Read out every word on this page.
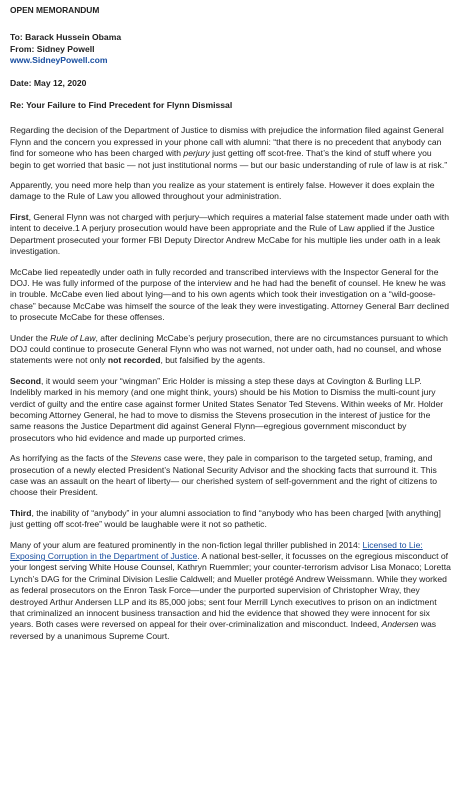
OPEN MEMORANDUM
To: Barack Hussein Obama
From: Sidney Powell
www.SidneyPowell.com
Date: May 12, 2020
Re: Your Failure to Find Precedent for Flynn Dismissal

Regarding the decision of the Department of Justice to dismiss with prejudice the information filed against General Flynn and the concern you expressed in your phone call with alumni: “that there is no precedent that anybody can find for someone who has been charged with perjury just getting off scot-free. That’s the kind of stuff where you begin to get worried that basic — not just institutional norms — but our basic understanding of rule of law is at risk.”

Apparently, you need more help than you realize as your statement is entirely false. However it does explain the damage to the Rule of Law you allowed throughout your administration.

First, General Flynn was not charged with perjury—which requires a material false statement made under oath with intent to deceive.1 A perjury prosecution would have been appropriate and the Rule of Law applied if the Justice Department prosecuted your former FBI Deputy Director Andrew McCabe for his multiple lies under oath in a leak investigation.

McCabe lied repeatedly under oath in fully recorded and transcribed interviews with the Inspector General for the DOJ. He was fully informed of the purpose of the interview and he had had the benefit of counsel. He knew he was in trouble. McCabe even lied about lying—and to his own agents which took their investigation on a “wild-goose-chase” because McCabe was himself the source of the leak they were investigating. Attorney General Barr declined to prosecute McCabe for these offenses.

Under the Rule of Law, after declining McCabe’s perjury prosecution, there are no circumstances pursuant to which DOJ could continue to prosecute General Flynn who was not warned, not under oath, had no counsel, and whose statements were not only not recorded, but falsified by the agents.

Second, it would seem your “wingman” Eric Holder is missing a step these days at Covington & Burling LLP. Indelibly marked in his memory (and one might think, yours) should be his Motion to Dismiss the multi-count jury verdict of guilty and the entire case against former United States Senator Ted Stevens. Within weeks of Mr. Holder becoming Attorney General, he had to move to dismiss the Stevens prosecution in the interest of justice for the same reasons the Justice Department did against General Flynn—egregious government misconduct by prosecutors who hid evidence and made up purported crimes.

As horrifying as the facts of the Stevens case were, they pale in comparison to the targeted setup, framing, and prosecution of a newly elected President’s National Security Advisor and the shocking facts that surround it. This case was an assault on the heart of liberty— our cherished system of self-government and the right of citizens to choose their President.

Third, the inability of “anybody” in your alumni association to find “anybody who has been charged [with anything] just getting off scot-free” would be laughable were it not so pathetic.

Many of your alum are featured prominently in the non-fiction legal thriller published in 2014: Licensed to Lie: Exposing Corruption in the Department of Justice. A national best-seller, it focusses on the egregious misconduct of your longest serving White House Counsel, Kathryn Ruemmler; your counter-terrorism advisor Lisa Monaco; Loretta Lynch’s DAG for the Criminal Division Leslie Caldwell; and Mueller protégé Andrew Weissmann. While they worked as federal prosecutors on the Enron Task Force—under the purported supervision of Christopher Wray, they destroyed Arthur Andersen LLP and its 85,000 jobs; sent four Merrill Lynch executives to prison on an indictment that criminalized an innocent business transaction and hid the evidence that showed they were innocent for six years. Both cases were reversed on appeal for their over-criminalization and misconduct. Indeed, Andersen was reversed by a unanimous Supreme Court.
